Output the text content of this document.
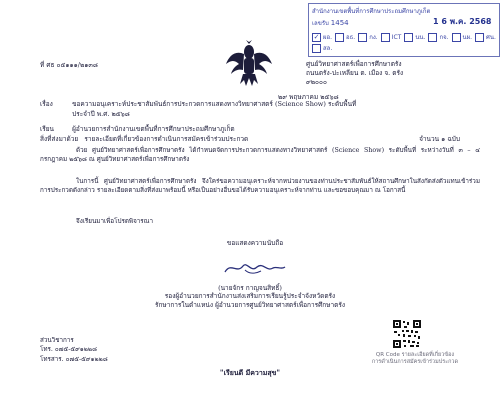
สำนักงานเขตพื้นที่การศึกษาประถมศึกษาภูเก็ต
เลขรับ 1454	1 6 พ.ค. 2568
✓ ผอ. อธ. กง. ICT นน. กจ. นผ. ศน.
สล.
ที่ ศธ ๐๕๑๑๑/๒๑๓๘	ศูนย์วิทยาศาสตร์เพื่อการศึกษาตรัง
ถนนตรัง-ปะเหลียน ต. เมือง จ. ตรัง
๙๒๐๐๐
๒๙ พฤษภาคม ๒๕๖๘
เรื่อง	ขอความอนุเคราะห์ประชาสัมพันธ์การประกวดการแสดงทางวิทยาศาสตร์ (Science Show) ระดับพื้นที่
ประจำปี พ.ศ. ๒๕๖๘
เรียน	ผู้อำนวยการสำนักงานเขตพื้นที่การศึกษาประถมศึกษาภูเก็ต
สิ่งที่ส่งมาด้วย รายละเอียดที่เกี่ยวข้องการดำเนินการสมัครเข้าร่วมประกวด	จำนวน ๑ ฉบับ
ด้วย ศูนย์วิทยาศาสตร์เพื่อการศึกษาตรัง ได้กำหนดจัดการประกวดการแสดงทางวิทยาศาสตร์ (Science Show) ระดับพื้นที่ ระหว่างวันที่ ๓ – ๔ กรกฎาคม ๒๕๖๘ ณ ศูนย์วิทยาศาสตร์เพื่อการศึกษาตรัง
ในการนี้ ศูนย์วิทยาศาสตร์เพื่อการศึกษาตรัง จึงใคร่ขอความอนุเคราะห์จากหน่วยงานของท่านประชาสัมพันธ์ให้สถานศึกษาในสังกัดส่งตัวแทนเข้าร่วมการประกวดดังกล่าว รายละเอียดตามสิ่งที่ส่งมาพร้อมนี้ หรือเป็นอย่างอื่นขอได้รับความอนุเคราะห์จากท่าน และขอขอบคุณมา ณ โอกาสนี้
จึงเรียนมาเพื่อโปรดพิจารณา
ขอแสดงความนับถือ
(นายจักร กาญจนสิทธิ์)
รองผู้อำนวยการสำนักงานส่งเสริมการเรียนรู้ประจำจังหวัดตรัง
รักษาการในตำแหน่ง ผู้อำนวยการศูนย์วิทยาศาสตร์เพื่อการศึกษาตรัง
ส่วนวิชาการ
โทร. ๐๗๕-๕๙๑๒๒๘
โทรสาร. ๐๗๕-๕๙๑๒๒๘
"เรียนดี มีความสุข"
QR Code รายละเอียดที่เกี่ยวข้อง
การดำเนินการสมัครเข้าร่วมประกวด
